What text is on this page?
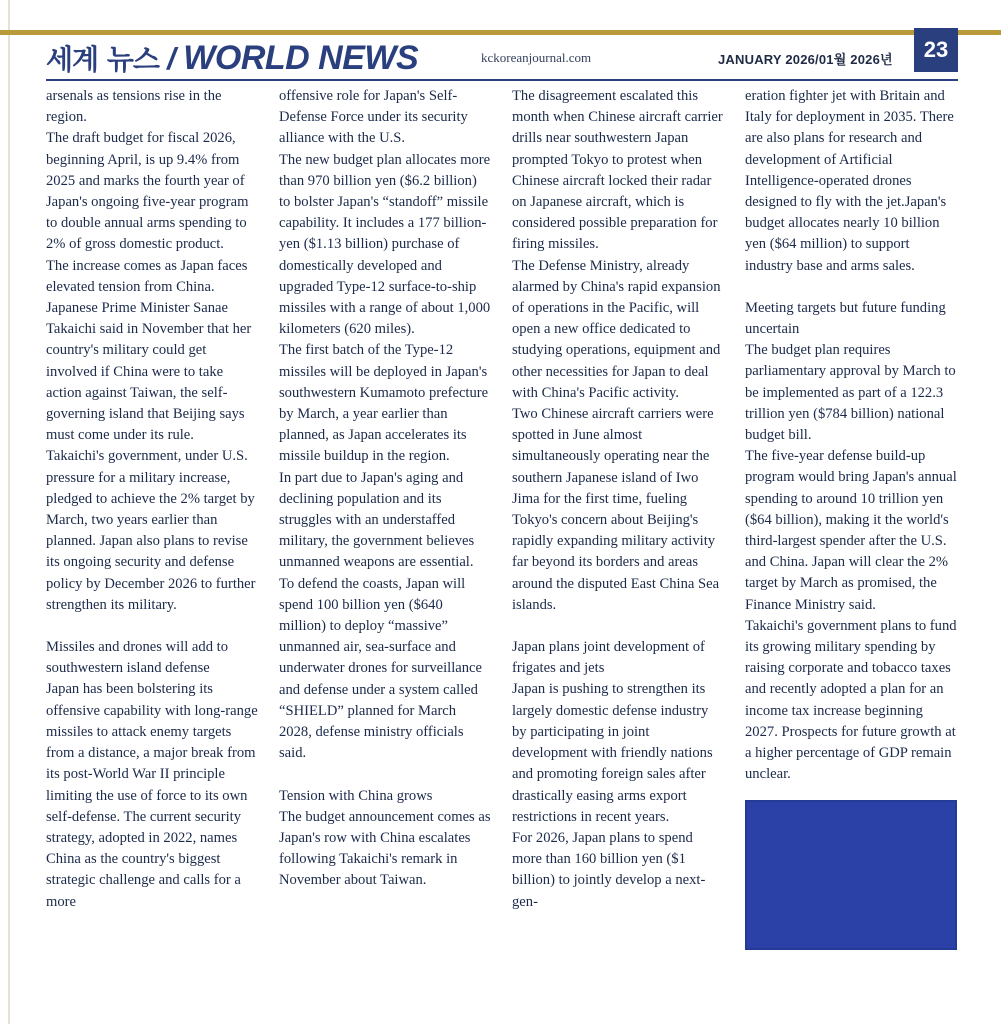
세계 뉴스 / WORLD NEWS	kckoreanjournal.com	JANUARY 2026/01월 2026년	23

arsenals as tensions rise in the region.

The draft budget for fiscal 2026, beginning April, is up 9.4% from 2025 and marks the fourth year of Japan's ongoing five-year program to double annual arms spending to 2% of gross domestic product.

The increase comes as Japan faces elevated tension from China. Japanese Prime Minister Sanae Takaichi said in November that her country's military could get involved if China were to take action against Taiwan, the self-governing island that Beijing says must come under its rule.

Takaichi's government, under U.S. pressure for a military increase, pledged to achieve the 2% target by March, two years earlier than planned. Japan also plans to revise its ongoing security and defense policy by December 2026 to further strengthen its military.

Missiles and drones will add to southwestern island defense

Japan has been bolstering its offensive capability with long-range missiles to attack enemy targets from a distance, a major break from its post-World War II principle limiting the use of force to its own self-defense. The current security strategy, adopted in 2022, names China as the country's biggest strategic challenge and calls for a more

offensive role for Japan's Self-Defense Force under its security alliance with the U.S.

The new budget plan allocates more than 970 billion yen ($6.2 billion) to bolster Japan's “standoff” missile capability. It includes a 177 billion-yen ($1.13 billion) purchase of domestically developed and upgraded Type-12 surface-to-ship missiles with a range of about 1,000 kilometers (620 miles).

The first batch of the Type-12 missiles will be deployed in Japan's southwestern Kumamoto prefecture by March, a year earlier than planned, as Japan accelerates its missile buildup in the region.

In part due to Japan's aging and declining population and its struggles with an understaffed military, the government believes unmanned weapons are essential. To defend the coasts, Japan will spend 100 billion yen ($640 million) to deploy “massive” unmanned air, sea-surface and underwater drones for surveillance and defense under a system called “SHIELD” planned for March 2028, defense ministry officials said.

Tension with China grows

The budget announcement comes as Japan's row with China escalates following Takaichi's remark in November about Taiwan.

The disagreement escalated this month when Chinese aircraft carrier drills near southwestern Japan prompted Tokyo to protest when Chinese aircraft locked their radar on Japanese aircraft, which is considered possible preparation for firing missiles.

The Defense Ministry, already alarmed by China's rapid expansion of operations in the Pacific, will open a new office dedicated to studying operations, equipment and other necessities for Japan to deal with China's Pacific activity.

Two Chinese aircraft carriers were spotted in June almost simultaneously operating near the southern Japanese island of Iwo Jima for the first time, fueling Tokyo's concern about Beijing's rapidly expanding military activity far beyond its borders and areas around the disputed East China Sea islands.

Japan plans joint development of frigates and jets

Japan is pushing to strengthen its largely domestic defense industry by participating in joint development with friendly nations and promoting foreign sales after drastically easing arms export restrictions in recent years.

For 2026, Japan plans to spend more than 160 billion yen ($1 billion) to jointly develop a next-gen-

eration fighter jet with Britain and Italy for deployment in 2035. There are also plans for research and development of Artificial Intelligence-operated drones designed to fly with the jet.Japan's budget allocates nearly 10 billion yen ($64 million) to support industry base and arms sales.

Meeting targets but future funding uncertain

The budget plan requires parliamentary approval by March to be implemented as part of a 122.3 trillion yen ($784 billion) national budget bill.

The five-year defense build-up program would bring Japan's annual spending to around 10 trillion yen ($64 billion), making it the world's third-largest spender after the U.S. and China. Japan will clear the 2% target by March as promised, the Finance Ministry said.

Takaichi's government plans to fund its growing military spending by raising corporate and tobacco taxes and recently adopted a plan for an income tax increase beginning 2027. Prospects for future growth at a higher percentage of GDP remain unclear.
